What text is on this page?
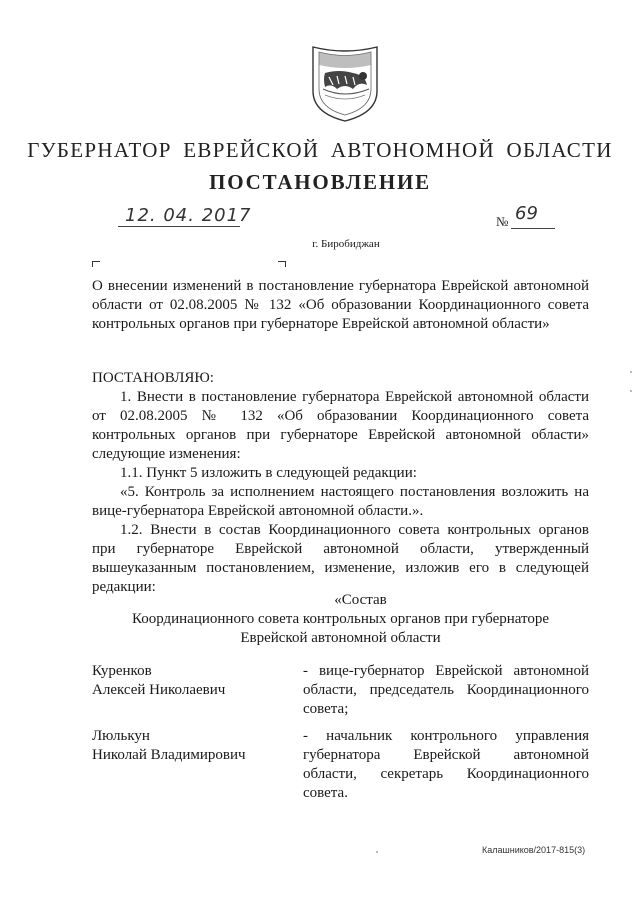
ГУБЕРНАТОР ЕВРЕЙСКОЙ АВТОНОМНОЙ ОБЛАСТИ
ПОСТАНОВЛЕНИЕ
12. 04. 2017	№ 69
г. Биробиджан
О внесении изменений в постановление губернатора Еврейской автономной
области от 02.08.2005 № 132 «Об образовании Координационного совета
контрольных органов при губернаторе Еврейской автономной области»
ПОСТАНОВЛЯЮ:
1. Внести в постановление губернатора Еврейской автономной области
от 02.08.2005 № 132 «Об образовании Координационного совета
контрольных органов при губернаторе Еврейской автономной области»
следующие изменения:
1.1. Пункт 5 изложить в следующей редакции:
«5. Контроль за исполнением настоящего постановления возложить на
вице-губернатора Еврейской автономной области.».
1.2. Внести в состав Координационного совета контрольных органов
при губернаторе Еврейской автономной области, утвержденный
вышеуказанным постановлением, изменение, изложив его в следующей
редакции:
«Состав
Координационного совета контрольных органов при губернаторе
Еврейской автономной области
Куренков
Алексей Николаевич
- вице-губернатор Еврейской автономной
области, председатель Координационного
совета;
Люлькун
Николай Владимирович
- начальник контрольного управления
губернатора Еврейской автономной
области, секретарь Координационного
совета.
Калашников/2017-815(3)
